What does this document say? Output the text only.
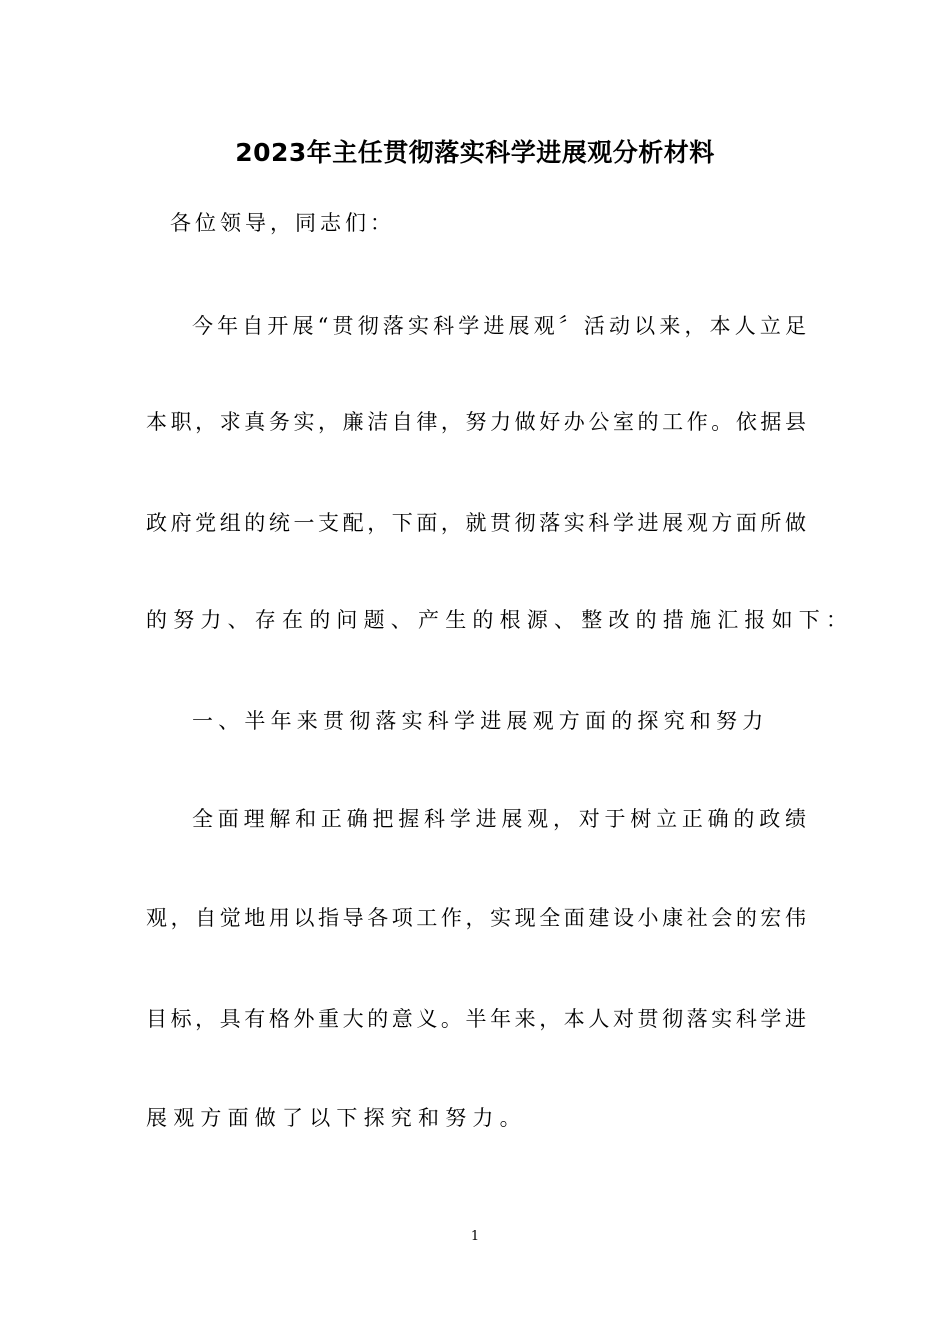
2023年主任贯彻落实科学进展观分析材料
各位领导，同志们：
今年自开展“贯彻落实科学进展观〞活动以来，本人立足
本职，求真务实，廉洁自律，努力做好办公室的工作。依据县
政府党组的统一支配，下面，就贯彻落实科学进展观方面所做
的努力、存在的问题、产生的根源、整改的措施汇报如下：
一、半年来贯彻落实科学进展观方面的探究和努力
全面理解和正确把握科学进展观，对于树立正确的政绩
观，自觉地用以指导各项工作，实现全面建设小康社会的宏伟
目标，具有格外重大的意义。半年来，本人对贯彻落实科学进
展观方面做了以下探究和努力。
1
